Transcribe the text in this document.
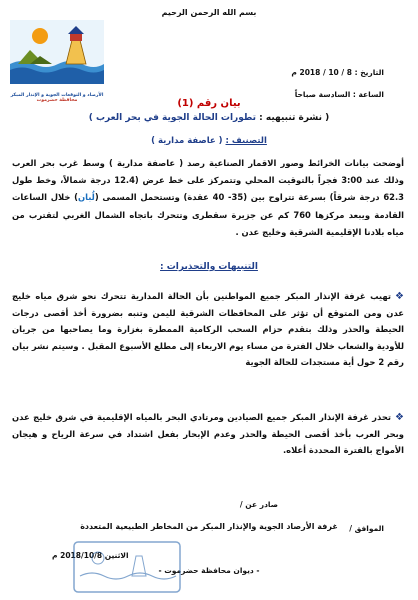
بسم الله الرحمن الرحيم
التاريخ : 8 / 10 / 2018 م
الساعة : السادسة صباحاً
الأرصاد و التوقعات الجوية و الإنذار المبكر
محافظة حضرموت	بيان رقم (1)
( نشرة تنبيهيه : تطورات الحالة الجوية في بحر العرب )
التصنيف : ( عاصفة مدارية )
أوضحت بيانات الخرائط وصور الاقمار الصناعية رصد ( عاصفة مدارية ) وسط غرب بحر العرب وذلك عند 3:00 فجراً بالتوقيت المحلي وتتمركز على خط عرض (12.4 درجة شمالاً، وخط طول 62.3 درجة شرقاً) بسرعة تتراوح بين (35- 40 عقدة) وتستحمل المسمى (لُبان) خلال الساعات القادمة ويبعد مركزها 760 كم عن جزيرة سقطرى وتتحرك باتجاه الشمال الغربي لتقترب من مياه بلادنا الإقليمية الشرقية وخليج عدن .
التنبيهات والتحذيرات :
❖تهيب غرفة الإنذار المبكر جميع المواطنين بأن الحالة المدارية تتحرك نحو شرق مياه خليج عدن ومن المتوقع أن تؤثر على المحافظات الشرقية لليمن وتنبه بضرورة أخذ أقصى درجات الحيطة والحذر وذلك بتقدم حزام السحب الركامية الممطرة بغزارة وما يصاحبها من جريان للأودية والشعاب خلال الفترة من مساء يوم الاربعاء إلى مطلع الأسبوع المقبل . وسيتم نشر بيان رقم 2 حول أية مستجدات للحالة الجوية
❖تحذر غرفة الإنذار المبكر جميع الصيادين ومرتادي البحر بالمياه الإقليمية في شرق خليج عدن وبحر العرب بأخذ أقصى الحيطة والحذر وعدم الإبحار بفعل اشتداد في سرعة الرياح و هيجان الأمواج بالفترة المحددة أعلاه.
صادر عن /
الموافق /
غرفة الأرصاد الجوية والإنذار المبكر من المخاطر الطبيعية المتعددة
الاثنين 2018/10/8 م
- ديوان محافظة حضرموت -
